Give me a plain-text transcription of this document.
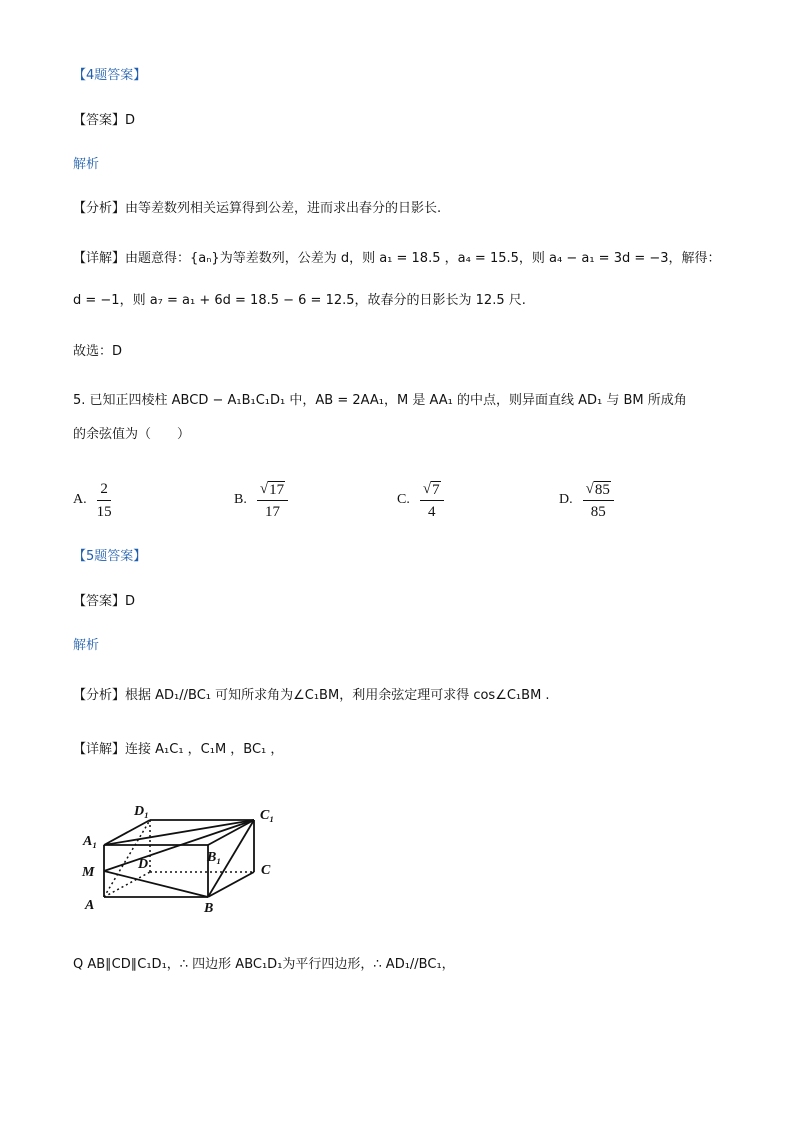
【4题答案】
【答案】D
解析
【分析】由等差数列相关运算得到公差，进而求出春分的日影长.
【详解】由题意得：{aₙ}为等差数列，公差为 d，则 a₁ = 18.5 ，a₄ = 15.5，则 a₄ − a₁ = 3d = −3，解得：
d = −1，则 a₇ = a₁ + 6d = 18.5 − 6 = 12.5，故春分的日影长为 12.5 尺.
故选：D
5. 已知正四棱柱 ABCD − A₁B₁C₁D₁ 中，AB = 2AA₁，M 是 AA₁ 的中点，则异面直线 AD₁ 与 BM 所成角
的余弦值为（　　）
A. $\frac{2}{15}$	B. $\frac{√ 17}{17}$	C. $\frac{√ 7}{4}$	D. $\frac{√ 85}{85}$
【5题答案】
【答案】D
解析
【分析】根据 AD₁//BC₁ 可知所求角为∠C₁BM，利用余弦定理可求得 cos∠C₁BM .
【详解】连接 A₁C₁ ，C₁M ，BC₁ ，
D₁	C₁
A₁
B₁
D	C
M
A	B
Q AB∥CD∥C₁D₁，∴ 四边形 ABC₁D₁为平行四边形，∴ AD₁//BC₁，
